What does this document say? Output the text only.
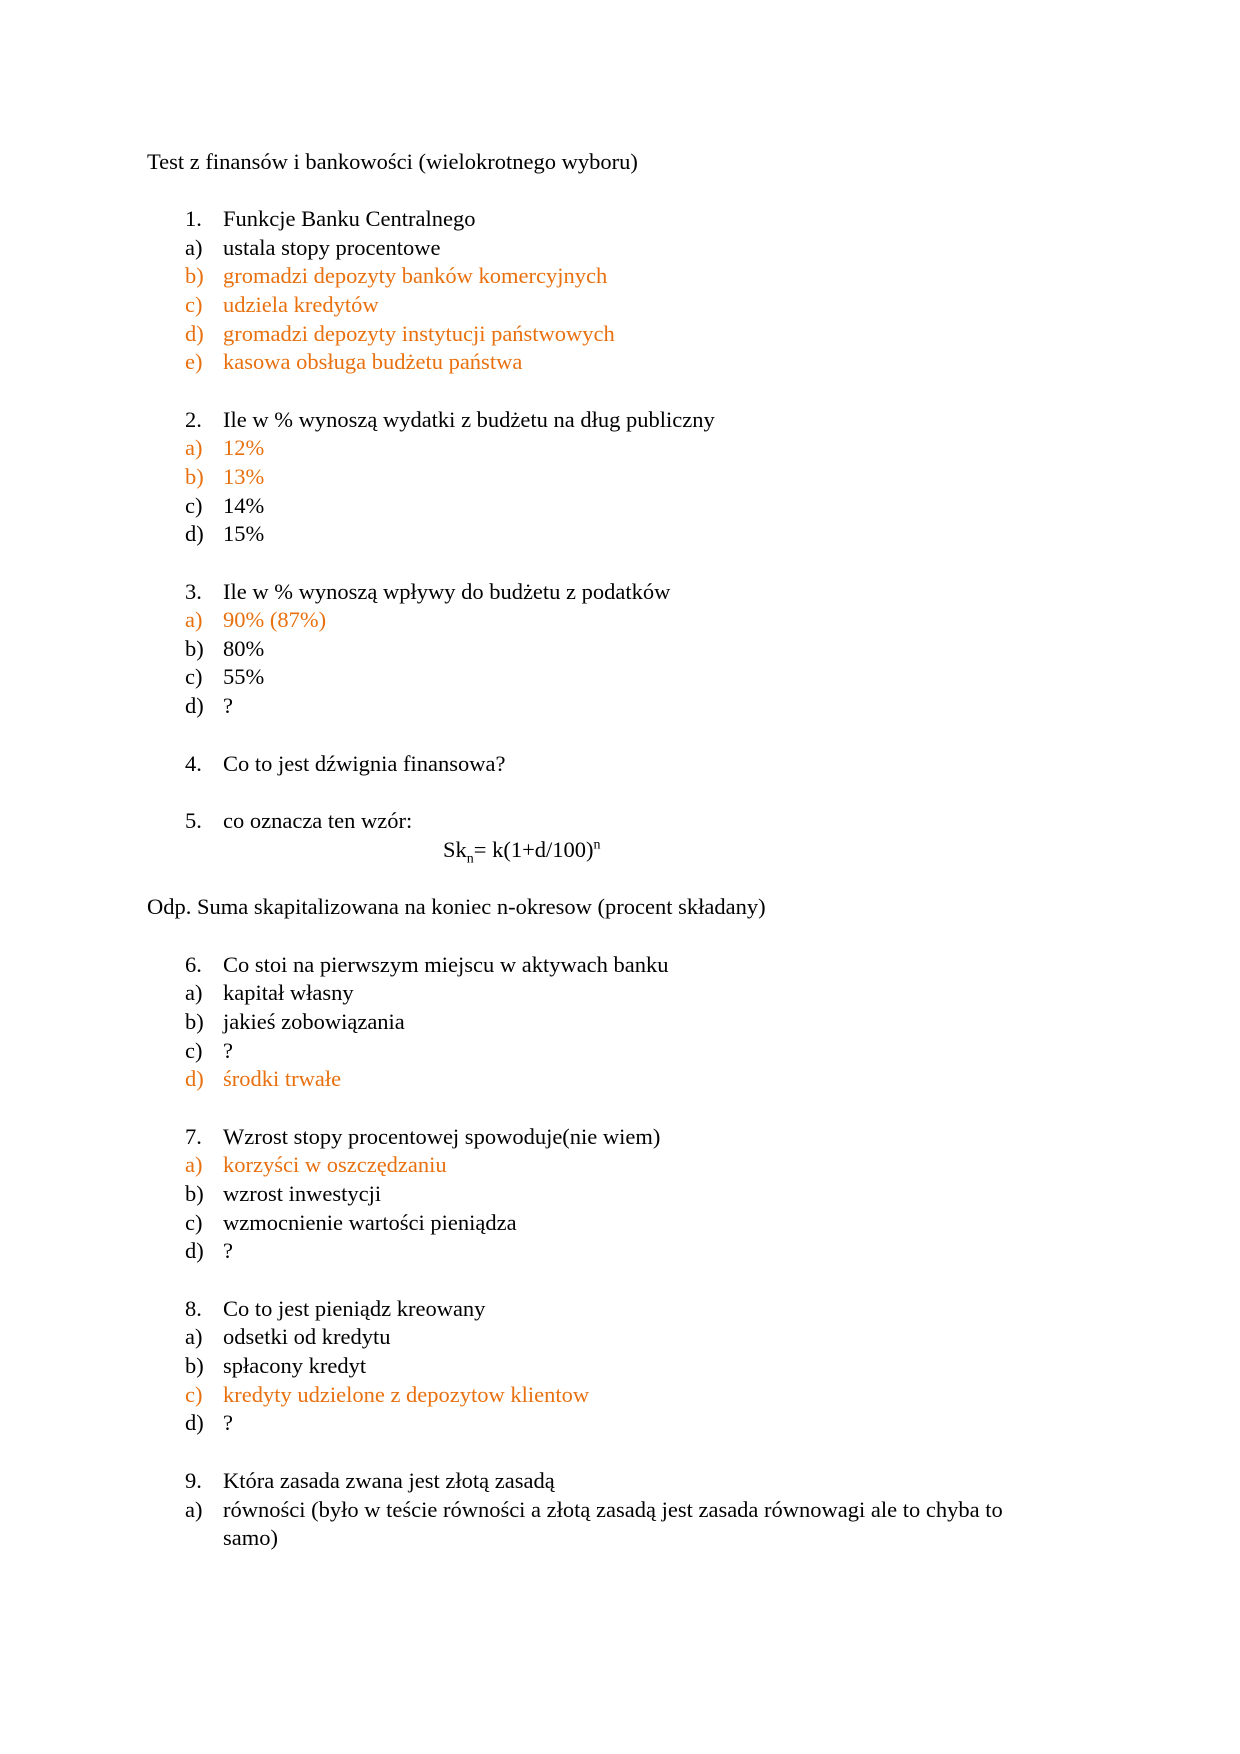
Test z finansów i bankowości (wielokrotnego wyboru)
1. Funkcje Banku Centralnego
a) ustala stopy procentowe
b) gromadzi depozyty banków komercyjnych
c) udziela kredytów
d) gromadzi depozyty instytucji państwowych
e) kasowa obsługa budżetu państwa
2. Ile w % wynoszą wydatki z budżetu na dług publiczny
a) 12%
b) 13%
c) 14%
d) 15%
3. Ile w % wynoszą wpływy do budżetu z podatków
a) 90% (87%)
b) 80%
c) 55%
d) ?
4. Co to jest dźwignia finansowa?
5. co oznacza ten wzór:
$Sk_n= k(1+d/100)^n$
Odp. Suma skapitalizowana na koniec n-okresow (procent składany)
6. Co stoi na pierwszym miejscu w aktywach banku
a) kapitał własny
b) jakieś zobowiązania
c) ?
d) środki trwałe
7. Wzrost stopy procentowej spowoduje(nie wiem)
a) korzyści w oszczędzaniu
b) wzrost inwestycji
c) wzmocnienie wartości pieniądza
d) ?
8. Co to jest pieniądz kreowany
a) odsetki od kredytu
b) spłacony kredyt
c) kredyty udzielone z depozytow klientow
d) ?
9. Która zasada zwana jest złotą zasadą
a) równości (było w teście równości a złotą zasadą jest zasada równowagi ale to chyba to
samo)
